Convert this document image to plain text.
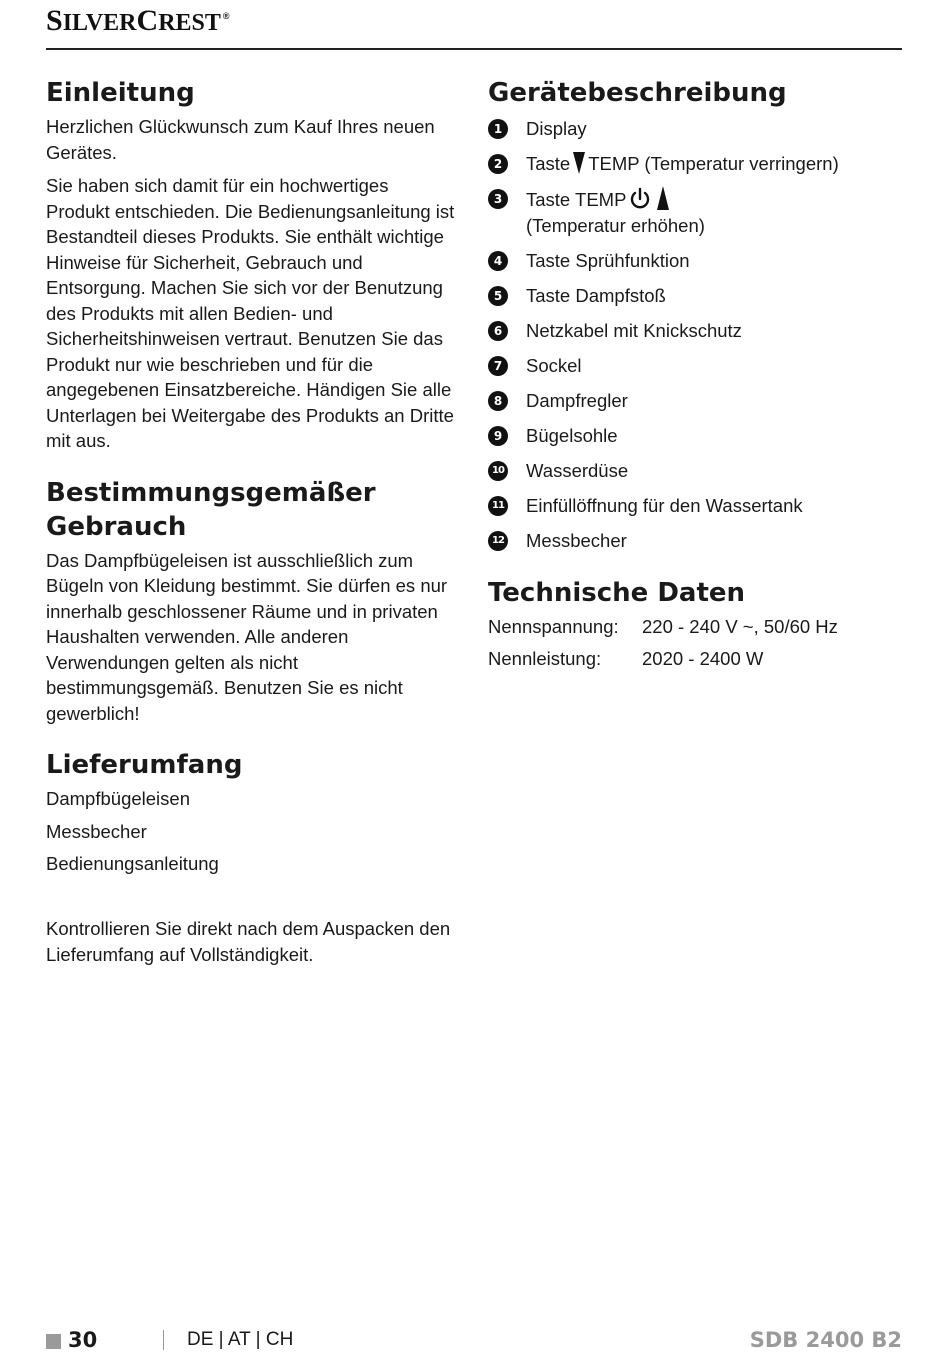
SILVERCREST ®
Einleitung

Herzlichen Glückwunsch zum Kauf Ihres neuen Gerätes.

Sie haben sich damit für ein hochwertiges Produkt entschieden. Die Bedienungsanleitung ist Bestandteil dieses Produkts. Sie enthält wichtige Hinweise für Sicherheit, Gebrauch und Entsorgung. Machen Sie sich vor der Benutzung des Produkts mit allen Bedien- und Sicherheitshinweisen vertraut. Benutzen Sie das Produkt nur wie beschrieben und für die angegebenen Einsatzbereiche. Händigen Sie alle Unterlagen bei Weitergabe des Produkts an Dritte mit aus.

Bestimmungsgemäßer
Gebrauch

Das Dampfbügeleisen ist ausschließlich zum Bügeln von Kleidung bestimmt. Sie dürfen es nur innerhalb geschlossener Räume und in privaten Haushalten verwenden. Alle anderen Verwendungen gelten als nicht bestimmungsgemäß. Benutzen Sie es nicht gewerblich!

Lieferumfang
Dampfbügeleisen
Messbecher
Bedienungsanleitung

Kontrollieren Sie direkt nach dem Auspacken den Lieferumfang auf Vollständigkeit.

Gerätebeschreibung
1	Display
2	Taste TEMP (Temperatur verringern)
3	Taste TEMP
(Temperatur erhöhen)
4	Taste Sprühfunktion
5	Taste Dampfstoß
6	Netzkabel mit Knickschutz
7	Sockel
8	Dampfregler
9	Bügelsohle
10 Wasserdüse
11 Einfüllöffnung für den Wassertank
12 Messbecher
Technische Daten
Nennspannung:	220 - 240 V ~, 50/60 Hz
Nennleistung:	2020 - 2400 W
30	DE | AT | CH	SDB 2400 B2
